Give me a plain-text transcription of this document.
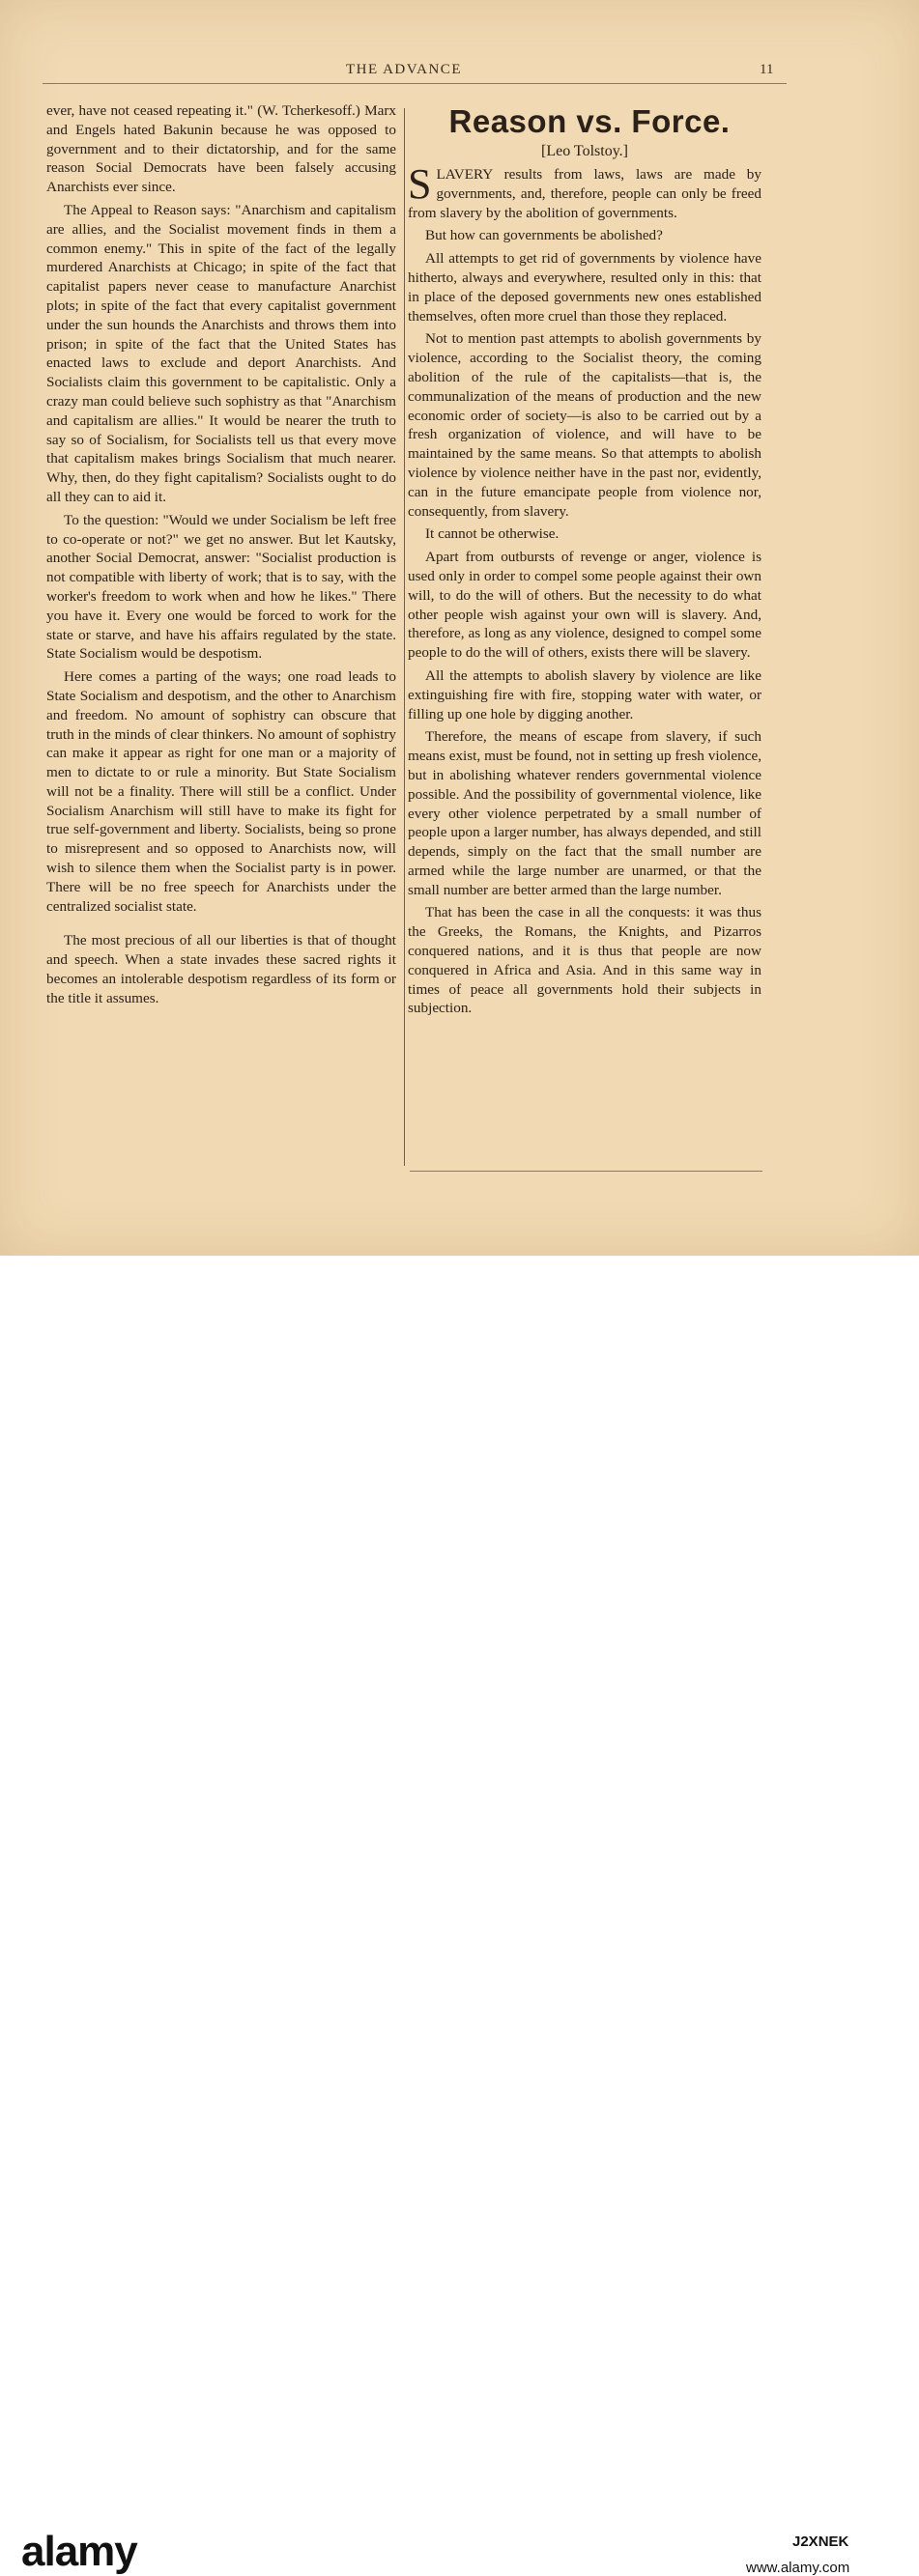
THE ADVANCE	11

ever, have not ceased repeating it." (W. Tcherkesoff.) Marx and Engels hated Bakunin because he was opposed to government and to their dictatorship, and for the same reason Social Democrats have been falsely accusing Anarchists ever since.

The Appeal to Reason says: "Anarchism and capitalism are allies, and the Socialist movement finds in them a common enemy." This in spite of the fact of the legally murdered Anarchists at Chicago; in spite of the fact that capitalist papers never cease to manufacture Anarchist plots; in spite of the fact that every capitalist government under the sun hounds the Anarchists and throws them into prison; in spite of the fact that the United States has enacted laws to exclude and deport Anarchists. And Socialists claim this government to be capitalistic. Only a crazy man could believe such sophistry as that "Anarchism and capitalism are allies." It would be nearer the truth to say so of Socialism, for Socialists tell us that every move that capitalism makes brings Socialism that much nearer. Why, then, do they fight capitalism? Socialists ought to do all they can to aid it.

To the question: "Would we under Socialism be left free to co-operate or not?" we get no answer. But let Kautsky, another Social Democrat, answer: "Socialist production is not compatible with liberty of work; that is to say, with the worker's freedom to work when and how he likes." There you have it. Every one would be forced to work for the state or starve, and have his affairs regulated by the state. State Socialism would be despotism.

Here comes a parting of the ways; one road leads to State Socialism and despotism, and the other to Anarchism and freedom. No amount of sophistry can obscure that truth in the minds of clear thinkers. No amount of sophistry can make it appear as right for one man or a majority of men to dictate to or rule a minority. But State Socialism will not be a finality. There will still be a conflict. Under Socialism Anarchism will still have to make its fight for true self-government and liberty. Socialists, being so prone to misrepresent and so opposed to Anarchists now, will wish to silence them when the Socialist party is in power. There will be no free speech for Anarchists under the centralized socialist state.

The most precious of all our liberties is that of thought and speech. When a state invades these sacred rights it becomes an intolerable despotism regardless of its form or the title it assumes.

Reason vs. Force.
[Leo Tolstoy.]

SLAVERY results from laws, laws are made by governments, and, therefore, people can only be freed from slavery by the abolition of governments.

But how can governments be abolished?

All attempts to get rid of governments by violence have hitherto, always and everywhere, resulted only in this: that in place of the deposed governments new ones established themselves, often more cruel than those they replaced.

Not to mention past attempts to abolish governments by violence, according to the Socialist theory, the coming abolition of the rule of the capitalists—that is, the communalization of the means of production and the new economic order of society—is also to be carried out by a fresh organization of violence, and will have to be maintained by the same means. So that attempts to abolish violence by violence neither have in the past nor, evidently, can in the future emancipate people from violence nor, consequently, from slavery.

It cannot be otherwise.

Apart from outbursts of revenge or anger, violence is used only in order to compel some people against their own will, to do the will of others. But the necessity to do what other people wish against your own will is slavery. And, therefore, as long as any violence, designed to compel some people to do the will of others, exists there will be slavery.

All the attempts to abolish slavery by violence are like extinguishing fire with fire, stopping water with water, or filling up one hole by digging another.

Therefore, the means of escape from slavery, if such means exist, must be found, not in setting up fresh violence, but in abolishing whatever renders governmental violence possible. And the possibility of governmental violence, like every other violence perpetrated by a small number of people upon a larger number, has always depended, and still depends, simply on the fact that the small number are armed while the large number are unarmed, or that the small number are better armed than the large number.

That has been the case in all the conquests: it was thus the Greeks, the Romans, the Knights, and Pizarros conquered nations, and it is thus that people are now conquered in Africa and Asia. And in this same way in times of peace all governments hold their subjects in subjection.

alamy	J2XNEK
www.alamy.com
